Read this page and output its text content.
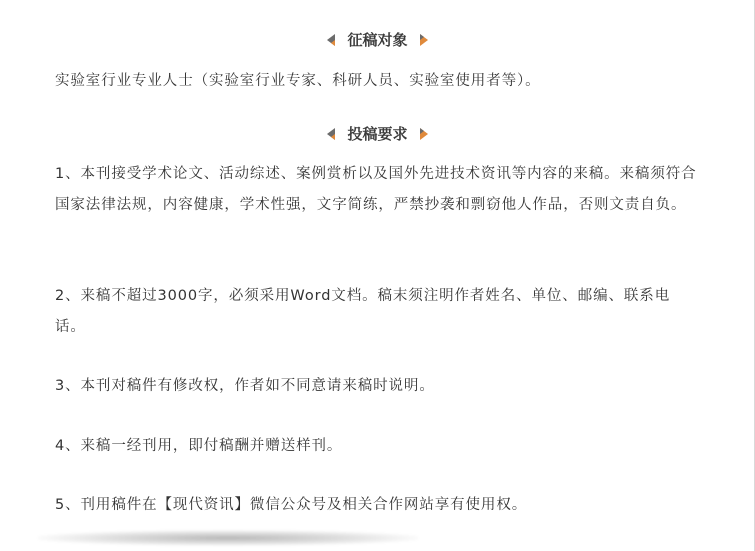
征稿对象

实验室行业专业人士（实验室行业专家、科研人员、实验室使用者等）。

投稿要求

1、本刊接受学术论文、活动综述、案例赏析以及国外先进技术资讯等内容的来稿。来稿须符合国家法律法规，内容健康，学术性强，文字简练，严禁抄袭和剽窃他人作品，否则文责自负。

2、来稿不超过3000字，必须采用Word文档。稿末须注明作者姓名、单位、邮编、联系电话。

3、本刊对稿件有修改权，作者如不同意请来稿时说明。

4、来稿一经刊用，即付稿酬并赠送样刊。

5、刊用稿件在【现代资讯】微信公众号及相关合作网站享有使用权。
